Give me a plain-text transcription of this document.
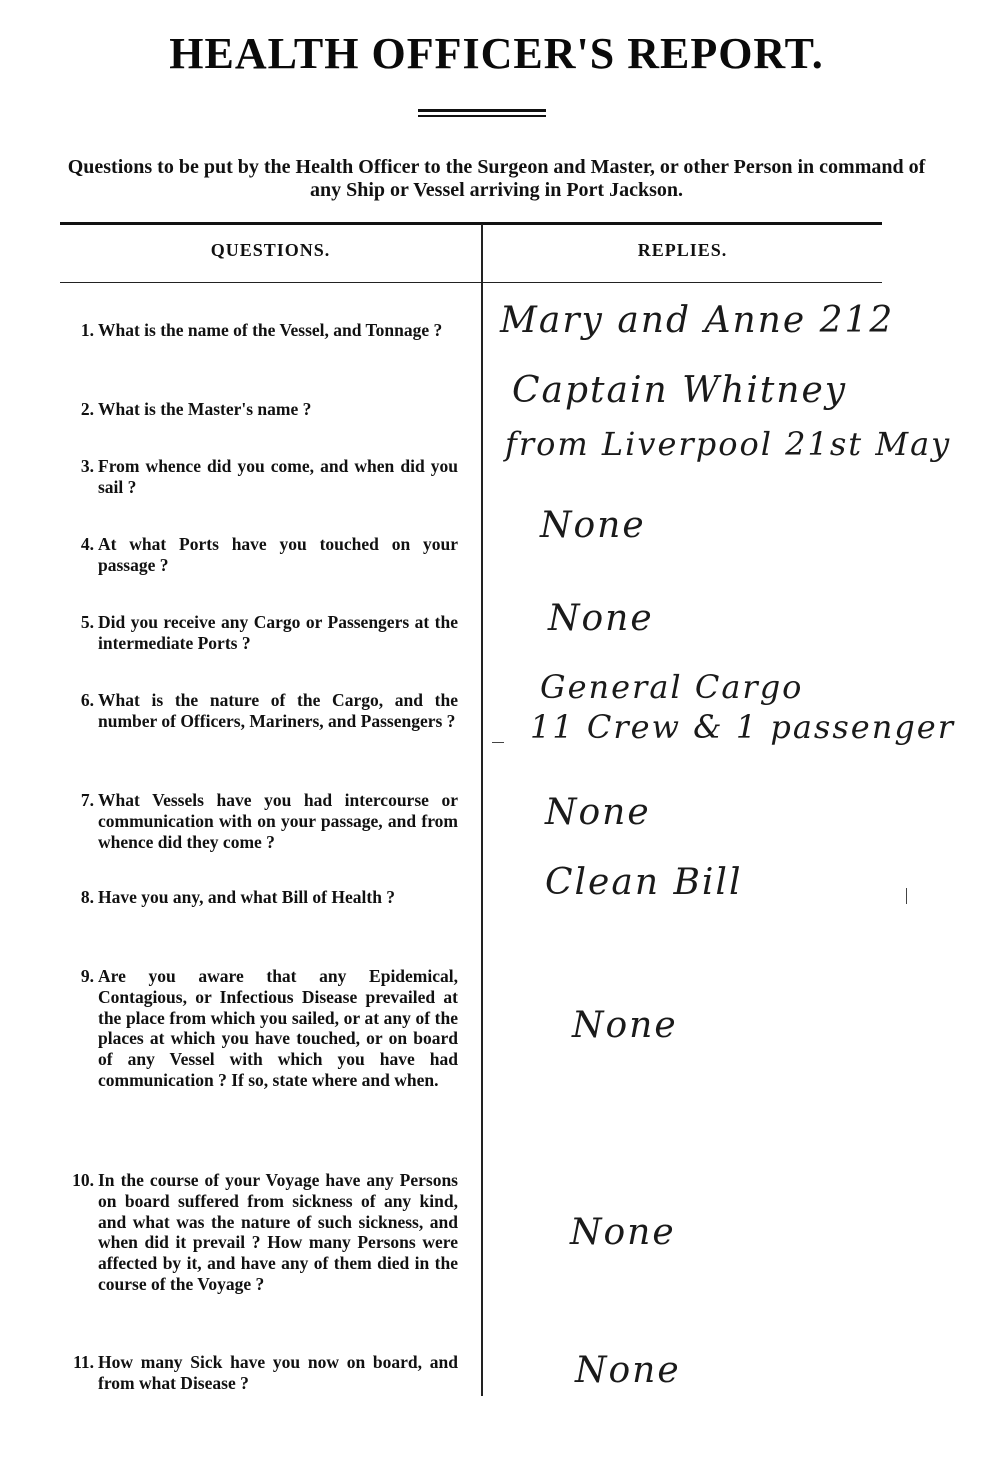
HEALTH OFFICER'S REPORT.
Questions to be put by the Health Officer to the Surgeon and Master, or other Person in command of any Ship or Vessel arriving in Port Jackson.
QUESTIONS.	REPLIES.
1. What is the name of the Vessel, and Tonnage ?
2. What is the Master's name ?
3. From whence did you come, and when did you sail ?
4. At what Ports have you touched on your passage ?
5. Did you receive any Cargo or Passengers at the intermediate Ports ?
6. What is the nature of the Cargo, and the number of Officers, Mariners, and Passengers ?
7. What Vessels have you had intercourse or communication with on your passage, and from whence did they come ?
8. Have you any, and what Bill of Health ?
9. Are you aware that any Epidemical, Contagious, or Infectious Disease prevailed at the place from which you sailed, or at any of the places at which you have touched, or on board of any Vessel with which you have had communication ? If so, state where and when.
10. In the course of your Voyage have any Persons on board suffered from sickness of any kind, and what was the nature of such sickness, and when did it prevail ? How many Persons were affected by it, and have any of them died in the course of the Voyage ?
11. How many Sick have you now on board, and from what Disease ?
Mary and Anne 212
Captain Whitney
from Liverpool 21st May
None
None
General Cargo
11 Crew & 1 passenger
None
Clean Bill
None
None
None
